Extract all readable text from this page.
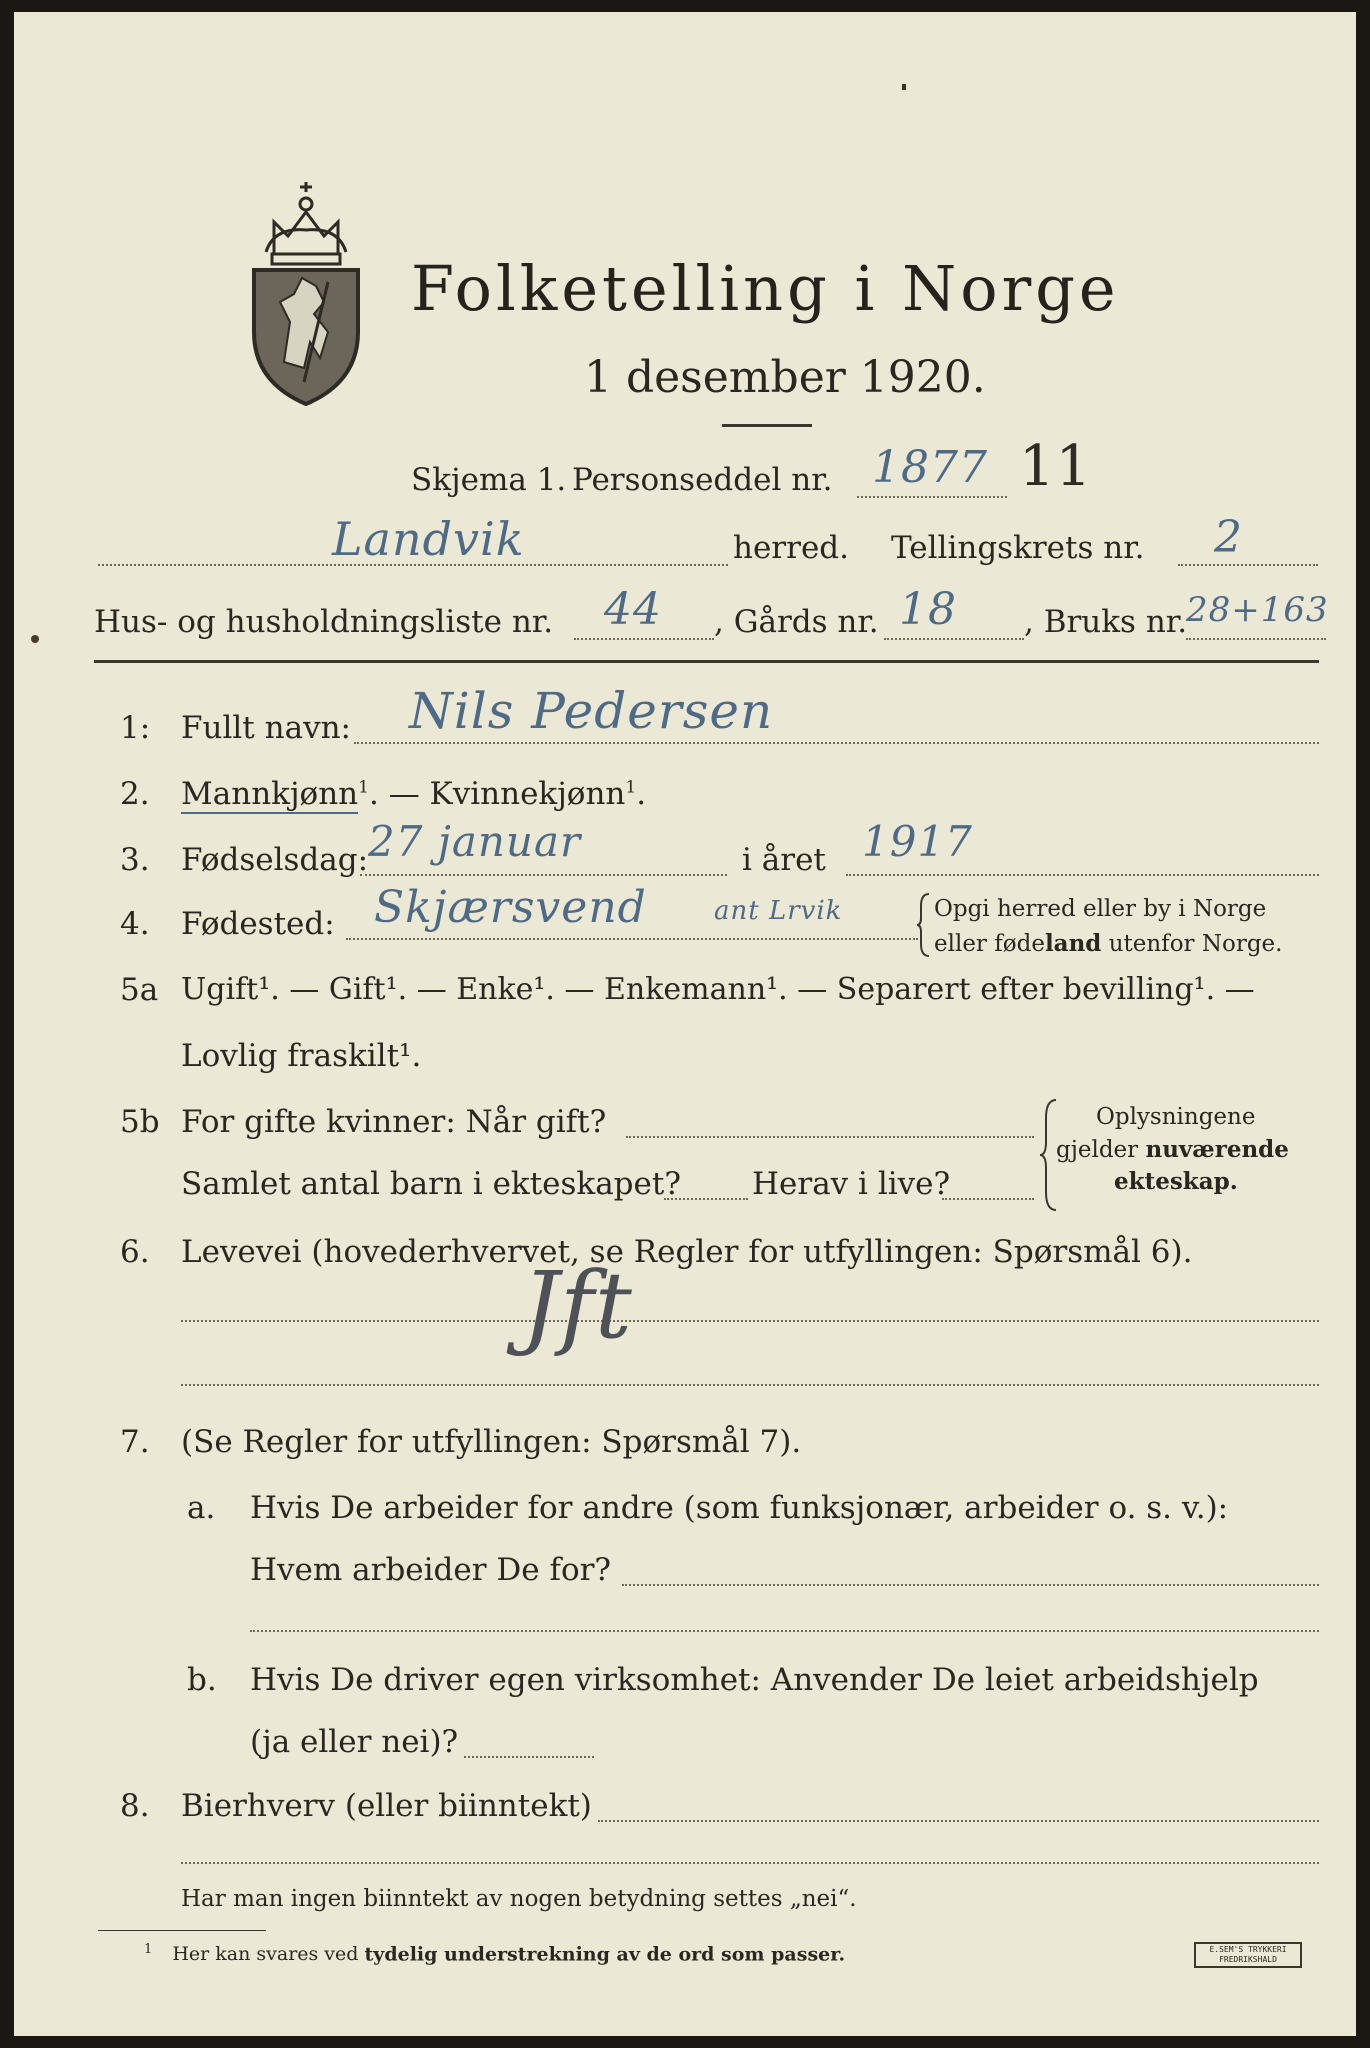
Folketelling i Norge
1 desember 1920.
Skjema 1. Personseddel nr. 1877 11
Landvik	herred. Tellingskrets nr. 2
Hus- og husholdningsliste nr. 44 , Gårds nr. 18 , Bruks nr.
28+163
1: Fullt navn: Nils Pedersen
2. Mannkjønn$^1$. — Kvinnekjønn$^1$.
3. Fødselsdag: 27 januar	i året 1917
4. Fødested: Skjærsvend	ant Lrvik	Opgi herred eller by i Norge
eller fødeland utenfor Norge.
5a Ugift¹. — Gift¹. — Enke¹. — Enkemann¹. — Separert efter bevilling¹. —
Lovlig fraskilt¹.
5b For gifte kvinner: Når gift?
Samlet antal barn i ekteskapet? Herav i live?
Oplysningene
gjelder nuværende
ekteskap.
6. Levevei (hovederhvervet, se Regler for utfyllingen: Spørsmål 6).
Jft
7. (Se Regler for utfyllingen: Spørsmål 7).
a. Hvis De arbeider for andre (som funksjonær, arbeider o. s. v.):
Hvem arbeider De for?
b. Hvis De driver egen virksomhet: Anvender De leiet arbeidshjelp
(ja eller nei)?
8. Bierhverv (eller biinntekt)
Har man ingen biinntekt av nogen betydning settes „nei“.
$^1$ Her kan svares ved tydelig understrekning av de ord som passer.	E.SEM'S TRYKKERI
FREDRIKSHALD
